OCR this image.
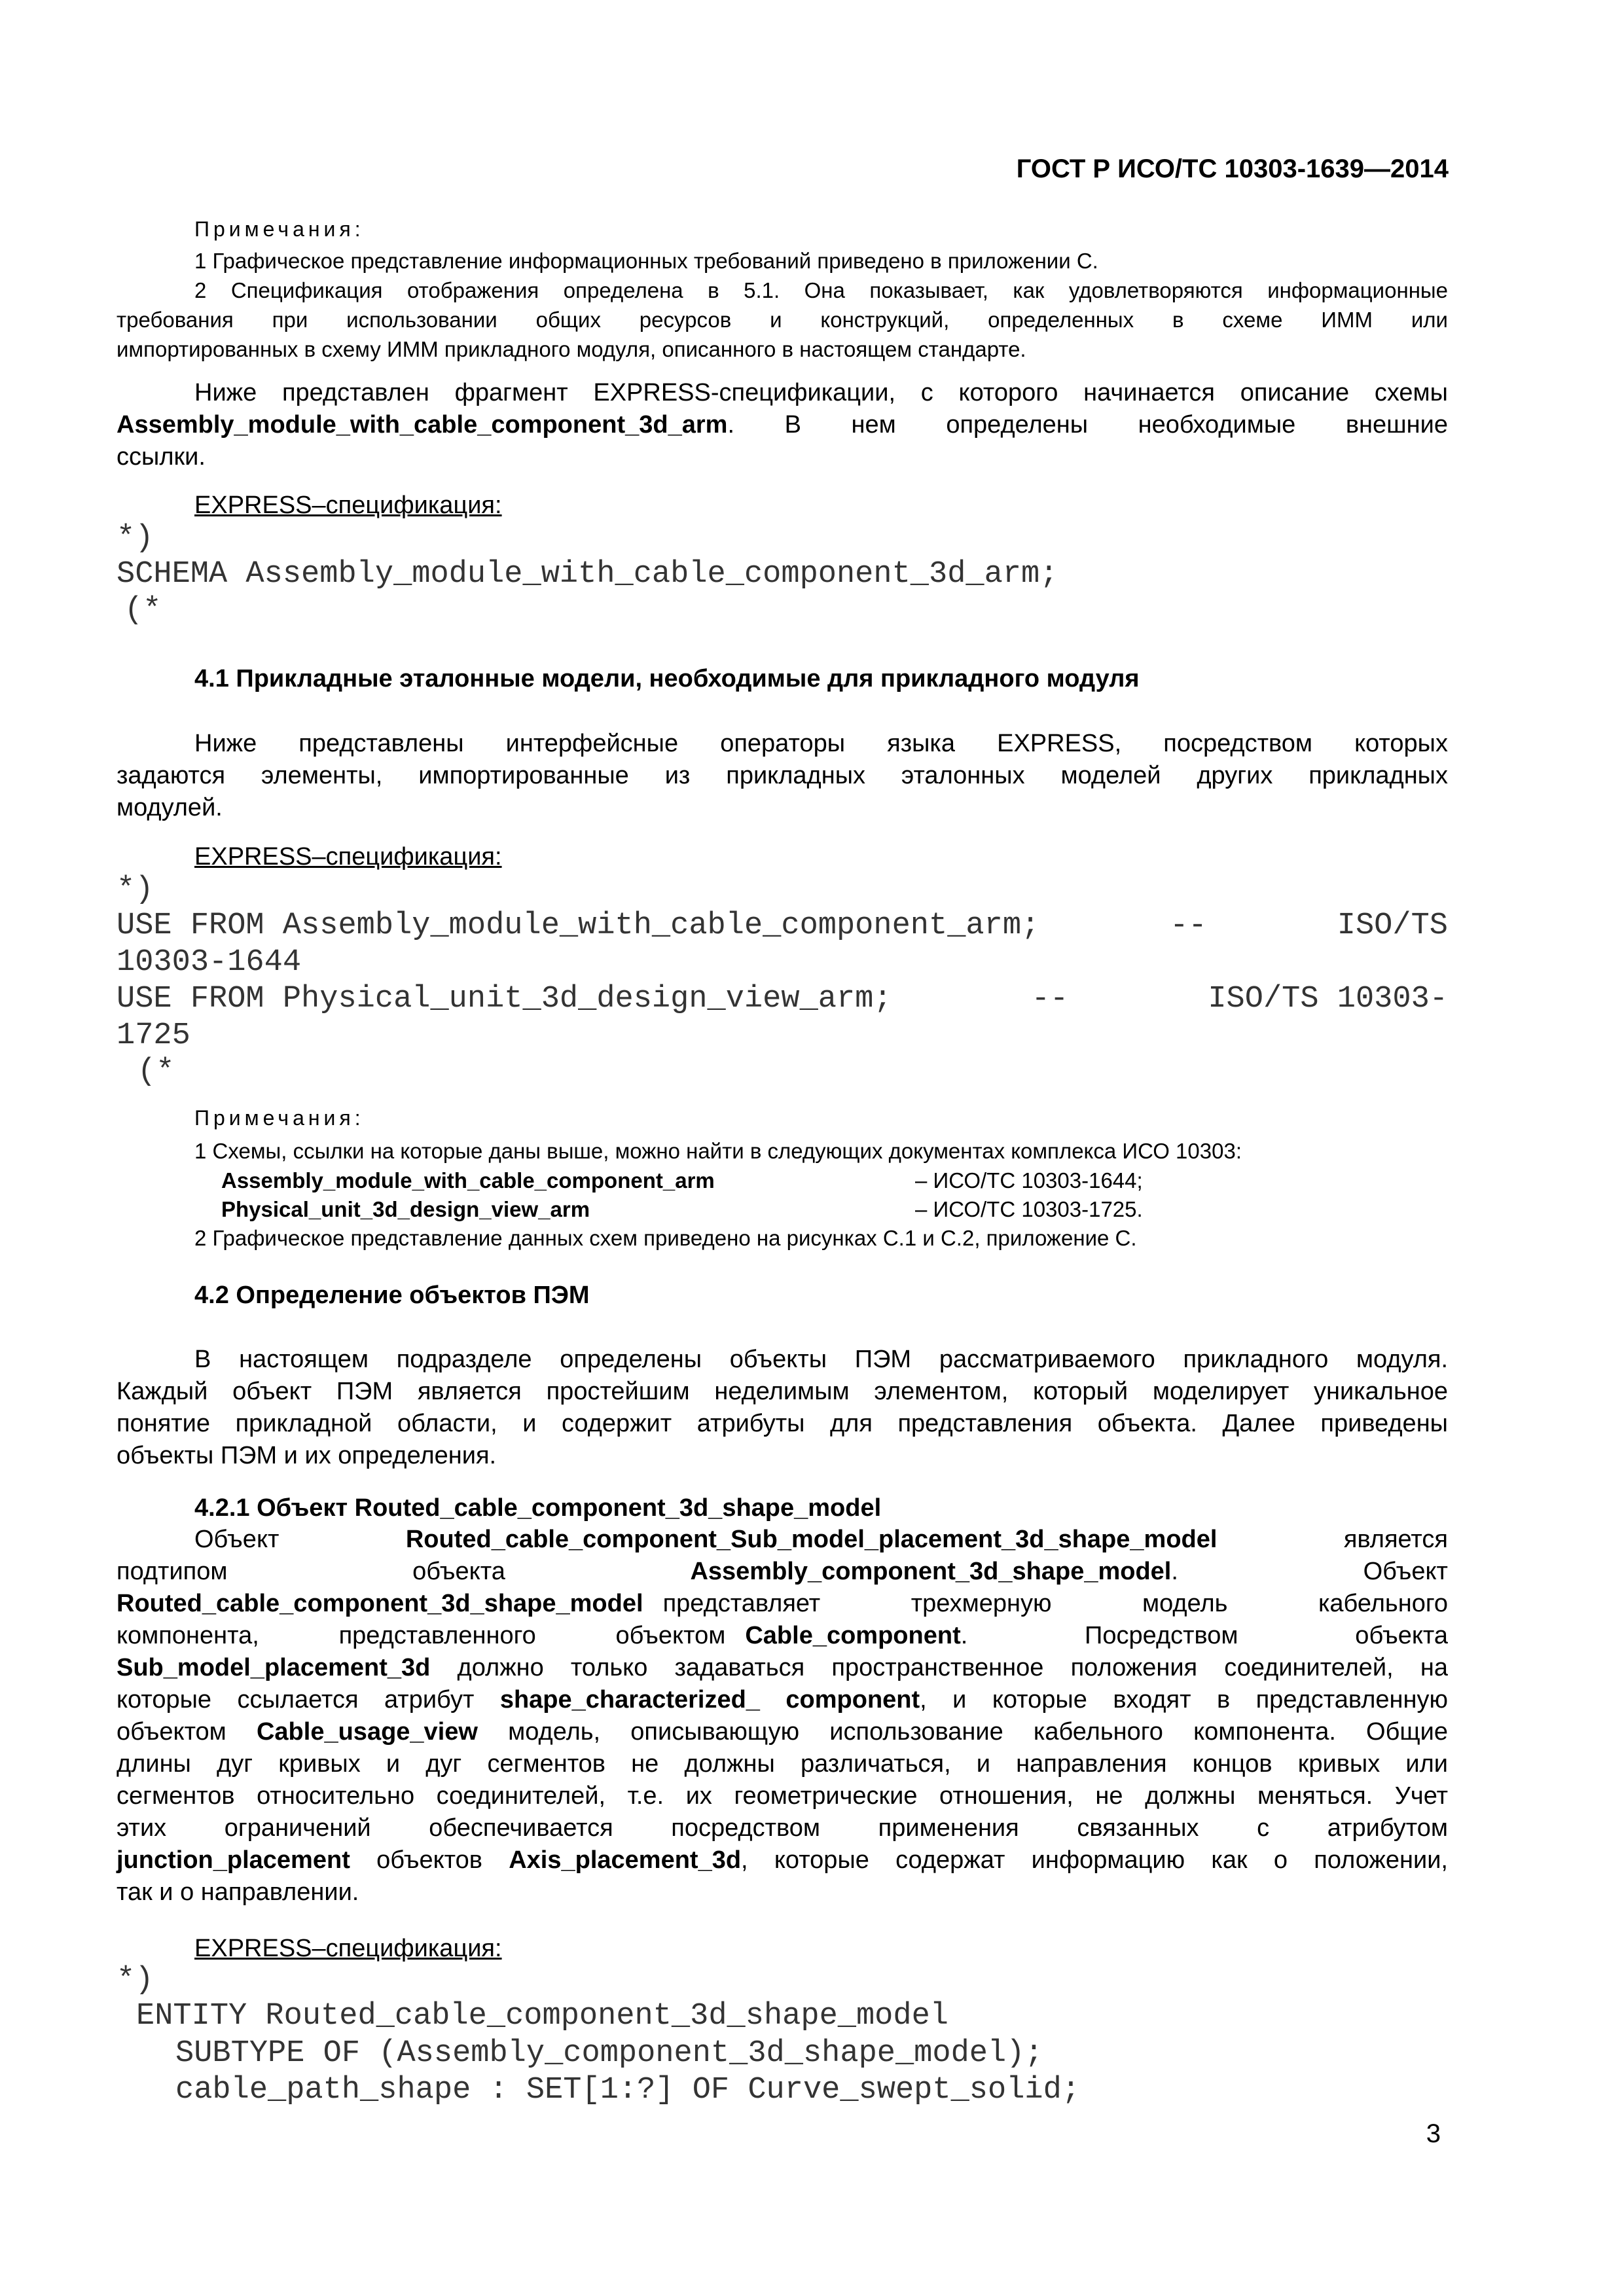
ГОСТ Р ИСО/ТС 10303-1639—2014
Примечания:
1 Графическое представление информационных требований приведено в приложении С.
2 Спецификация отображения определена в 5.1. Она показывает, как удовлетворяются информационные
требования при использовании общих ресурсов и конструкций, определенных в схеме ИММ или
импортированных в схему ИММ прикладного модуля, описанного в настоящем стандарте.
Ниже представлен фрагмент EXPRESS-спецификации, с которого начинается описание схемы
Assembly_module_with_cable_component_3d_arm . В нем определены необходимые внешние
ссылки.
EXPRESS–спецификация:
*)
SCHEMA Assembly_module_with_cable_component_3d_arm;
(*
4.1 Прикладные эталонные модели, необходимые для прикладного модуля
Ниже представлены интерфейсные операторы языка EXPRESS, посредством которых
задаются элементы, импортированные из прикладных эталонных моделей других прикладных
модулей.
EXPRESS–спецификация:
*)
USE FROM Assembly_module_with_cable_component_arm;	--	ISO/TS
10303-1644
USE FROM Physical_unit_3d_design_view_arm;	--	ISO/TS 10303-
1725
(*
Примечания:
1 Схемы, ссылки на которые даны выше, можно найти в следующих документах комплекса ИСО 10303:
Assembly_module_with_cable_component_arm	– ИСО/ТС 10303-1644;
Physical_unit_3d_design_view_arm	– ИСО/ТС 10303-1725.
2 Графическое представление данных схем приведено на рисунках С.1 и С.2, приложение С.
4.2 Определение объектов ПЭМ
В настоящем подразделе определены объекты ПЭМ рассматриваемого прикладного модуля.
Каждый объект ПЭМ является простейшим неделимым элементом, который моделирует уникальное
понятие прикладной области, и содержит атрибуты для представления объекта. Далее приведены
объекты ПЭМ и их определения.
4.2.1 Объект Routed_cable_component_3d_shape_model
Объект	Routed_cable_component_Sub_model_placement_3d_shape_model	является
подтипом	объекта	Assembly_component_3d_shape_model.	Объект
Routed_cable_component_3d_shape_model представляет трехмерную модель кабельного
компонента, представленного объектом Cable_component . Посредством объекта
Sub_model_placement_3d должно только задаваться пространственное положения соединителей, на
которые ссылается атрибут shape_characterized_ component, и которые входят в представленную
объектом Cable_usage_view модель, описывающую использование кабельного компонента. Общие
длины дуг кривых и дуг сегментов не должны различаться, и направления концов кривых или
сегментов относительно соединителей, т.е. их геометрические отношения, не должны меняться. Учет
этих ограничений обеспечивается посредством применения связанных с атрибутом
junction_placement объектов Axis_placement_3d, которые содержат информацию как о положении,
так и о направлении.
EXPRESS–спецификация:
*)
ENTITY Routed_cable_component_3d_shape_model
SUBTYPE OF (Assembly_component_3d_shape_model);
cable_path_shape : SET[1:?] OF Curve_swept_solid;
3
